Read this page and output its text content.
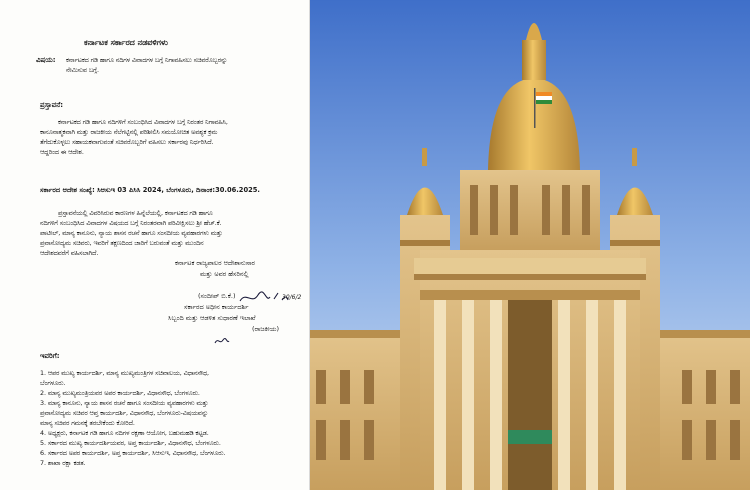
ಕರ್ನಾಟಕ ಸರ್ಕಾರದ ನಡವಳಿಗಳು
ವಿಷಯ: ಕರ್ನಾಟಕದ ಗಡಿ ಹಾಗೂ ನದಿಗಳ ವಿವಾದಗಳ ಬಗ್ಗೆ ನಿಗಾವಹಿಸಲು ಸಚಿವರೊಬ್ಬರನ್ನು
ನೇಮಿಸುವ ಬಗ್ಗೆ.
ಪ್ರಸ್ತಾವನೆ:
ಕರ್ನಾಟಕದ ಗಡಿ ಹಾಗೂ ನದಿಗಳಿಗೆ ಸಂಬಂಧಿಸಿದ ವಿವಾದಗಳ ಬಗ್ಗೆ ನಿರಂತರ ನಿಗಾವಹಿಸಿ,
ಕಾನೂನಾತ್ಮಕವಾಗಿ ಮತ್ತು ರಾಜಕೀಯ ನೆಲೆಗಟ್ಟಿನಲ್ಲಿ ಪರಿಶೀಲಿಸಿ ಸಮಯೋಚಿತ ಅವಶ್ಯಕ ಕ್ರಮ
ತೆಗೆದುಕೊಳ್ಳಲು ಸಹಾಯಕವಾಗುವಂತೆ ಸಚಿವರೊಬ್ಬರಿಗೆ ವಹಿಸಲು ಸರ್ಕಾರವು ನಿರ್ಧರಿಸಿದೆ.
ಆದ್ದರಿಂದ ಈ ಆದೇಶ.
ಸರ್ಕಾರದ ಆದೇಶ ಸಂಖ್ಯೆ: ಸಿಆಸುಇ 03 ಪಿಸಿಸಿ 2024, ಬೆಂಗಳೂರು, ದಿನಾಂಕ:30.06.2025.
ಪ್ರಸ್ತಾವನೆಯಲ್ಲಿ ವಿವರಿಸಿರುವ ಕಾರಣಗಳ ಹಿನ್ನೆಲೆಯಲ್ಲಿ, ಕರ್ನಾಟಕದ ಗಡಿ ಹಾಗೂ
ನದಿಗಳಿಗೆ ಸಂಬಂಧಿಸಿದ ವಿವಾದಗಳ ವಿಷಯದ ಬಗ್ಗೆ ನಿರಂತರವಾಗಿ ಪರಿವೀಕ್ಷಿಸಲು ಶ್ರೀ ಹೆಚ್.ಕೆ.
ಪಾಟೀಲ್, ಮಾನ್ಯ ಕಾನೂನು, ನ್ಯಾಯ ಶಾಸನ ರಚನೆ ಹಾಗೂ ಸಂಸದೀಯ ವ್ಯವಹಾರಗಳು ಮತ್ತು
ಪ್ರವಾಸೋದ್ಯಮ ಸಚಿವರು, ಇವರಿಗೆ ತಕ್ಷಣದಿಂದ ಜಾರಿಗೆ ಬರುವಂತೆ ಮತ್ತು ಮುಂದಿನ
ಆದೇಶದವರೆಗೆ ವಹಿಸಲಾಗಿದೆ.
ಕರ್ನಾಟಕ ರಾಜ್ಯಪಾಲರ ಆದೇಶಾನುಸಾರ
ಮತ್ತು ಅವರ ಹೆಸರಿನಲ್ಲಿ
30/6/2
(ಸಂದೀಪ್ ಬಿ.ಕೆ.)
ಸರ್ಕಾರದ ಅಧೀನ ಕಾರ್ಯದರ್ಶಿ
ಸಿಬ್ಬಂದಿ ಮತ್ತು ಆಡಳಿತ ಸುಧಾರಣೆ ಇಲಾಖೆ
(ರಾಜಕೀಯ)
ಇವರಿಗೆ:
1. ಆಪರ ಮುಖ್ಯ ಕಾರ್ಯದರ್ಶಿ, ಮಾನ್ಯ ಮುಖ್ಯಮಂತ್ರಿಗಳ ಸಚಿವಾಲಯ, ವಿಧಾನಸೌಧ,
ಬೆಂಗಳೂರು.
2. ಮಾನ್ಯ ಮುಖ್ಯಮಂತ್ರಿಯವರ ಅಪರ ಕಾರ್ಯದರ್ಶಿ, ವಿಧಾನಸೌಧ, ಬೆಂಗಳೂರು.
3. ಮಾನ್ಯ ಕಾನೂನು, ನ್ಯಾಯ ಶಾಸನ ರಚನೆ ಹಾಗೂ ಸಂಸದೀಯ ವ್ಯವಹಾರಗಳು ಮತ್ತು
ಪ್ರವಾಸೋದ್ಯಮ ಸಚಿವರ ಆಪ್ತ ಕಾರ್ಯದರ್ಶಿ, ವಿಧಾನಸೌಧ, ಬೆಂಗಳೂರು-ವಿಷಯವನ್ನು
ಮಾನ್ಯ ಸಚಿವರ ಗಮನಕ್ಕೆ ತರಬೇಕೆಂದು ಕೋರಿದೆ.
4. ಅಧ್ಯಕ್ಷರು, ಕರ್ನಾಟಕ ಗಡಿ ಹಾಗೂ ನದಿಗಳ ರಕ್ಷಣಾ ಆಯೋಗ, ಬಹುಮಹಡಿ ಕಟ್ಟಡ.
5. ಸರ್ಕಾರದ ಮುಖ್ಯ ಕಾರ್ಯದರ್ಶಿಯವರ, ಅಪ್ತ ಕಾರ್ಯದರ್ಶಿ, ವಿಧಾನಸೌಧ, ಬೆಂಗಳೂರು.
6. ಸರ್ಕಾರದ ಅಪರ ಕಾರ್ಯದರ್ಶಿ, ಅಪ್ತ ಕಾರ್ಯದರ್ಶಿ, ಸಿಆಸುಇ, ವಿಧಾನಸೌಧ, ಬೆಂಗಳೂರು.
7. ಶಾಖಾ ರಕ್ಷಾ ಕಡತ.
